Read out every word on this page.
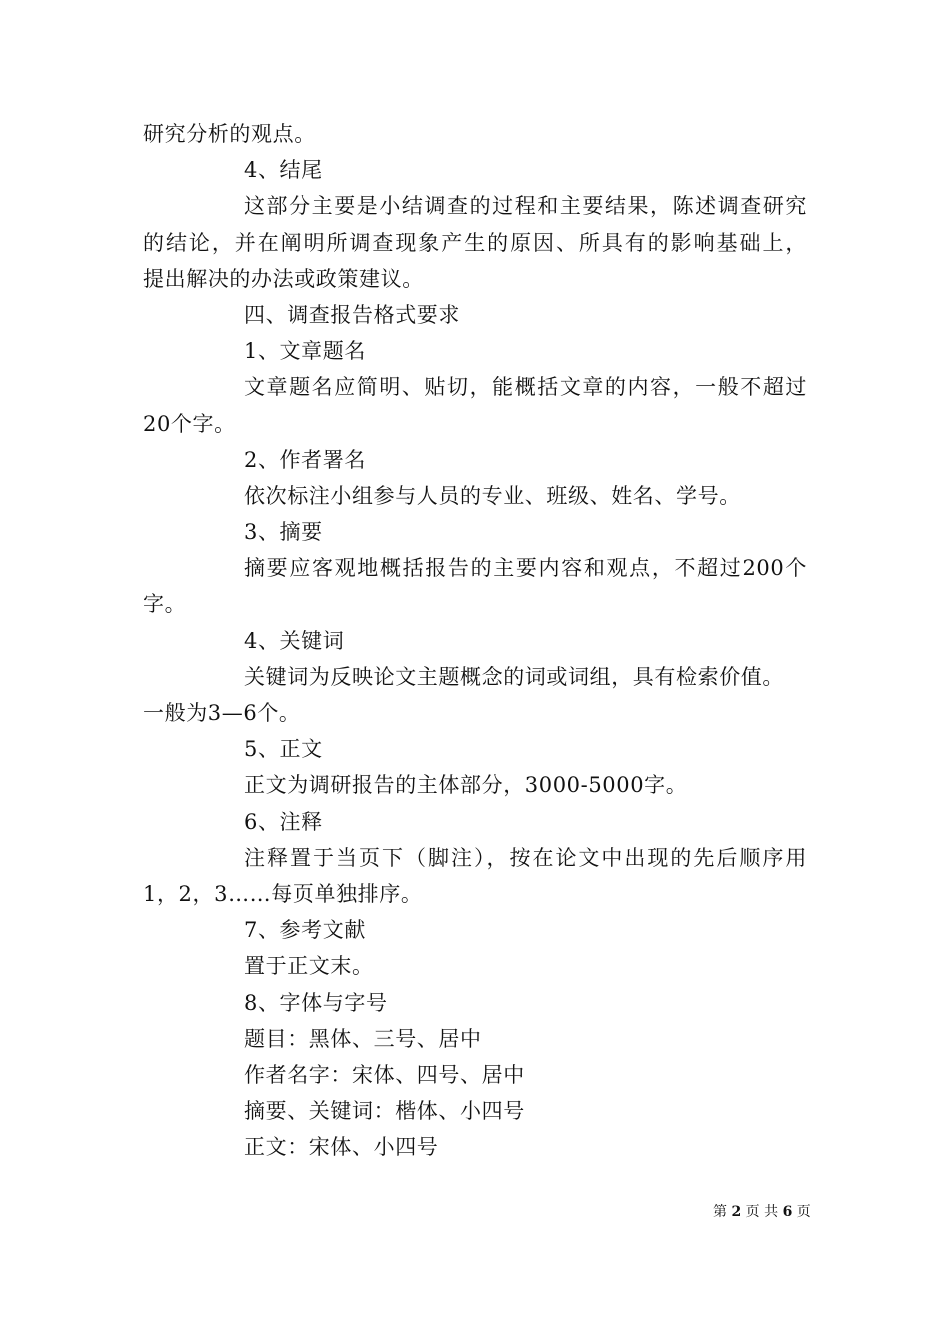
研究分析的观点。
4、结尾
这部分主要是小结调查的过程和主要结果，陈述调查研究
的结论，并在阐明所调查现象产生的原因、所具有的影响基础上，
提出解决的办法或政策建议。
四、调查报告格式要求
1、文章题名
文章题名应简明、贴切，能概括文章的内容，一般不超过
20个字。
2、作者署名
依次标注小组参与人员的专业、班级、姓名、学号。
3、摘要
摘要应客观地概括报告的主要内容和观点，不超过200个
字。
4、关键词
关键词为反映论文主题概念的词或词组，具有检索价值。
一般为3—6个。
5、正文
正文为调研报告的主体部分，3000-5000字。
6、注释
注释置于当页下（脚注），按在论文中出现的先后顺序用
1，2，3……每页单独排序。
7、参考文献
置于正文末。
8、字体与字号
题目：黑体、三号、居中
作者名字：宋体、四号、居中
摘要、关键词：楷体、小四号
正文：宋体、小四号
第 2 页 共 6 页
